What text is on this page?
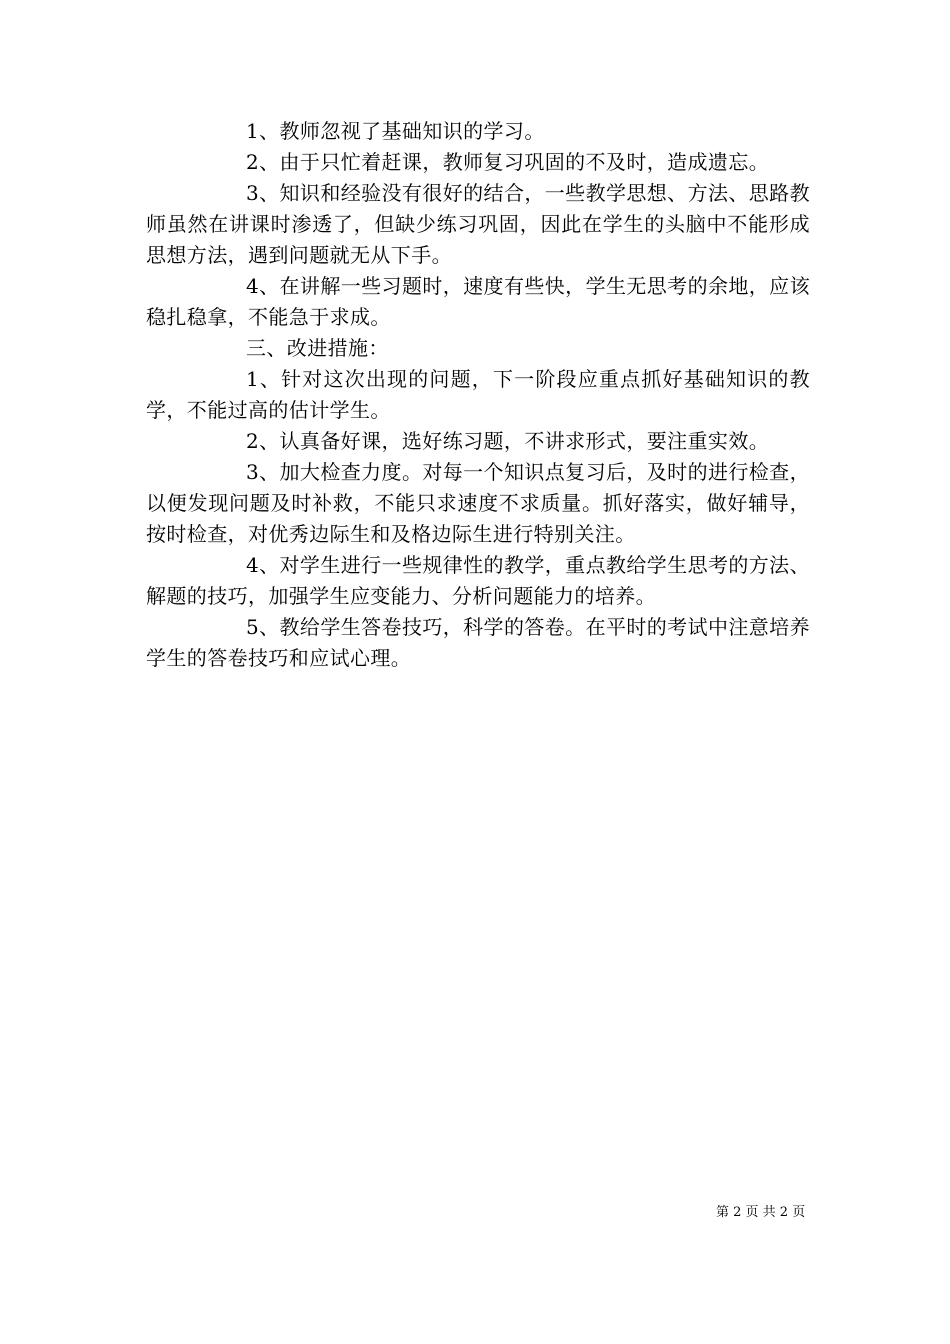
1、教师忽视了基础知识的学习。

2、由于只忙着赶课，教师复习巩固的不及时，造成遗忘。

3、知识和经验没有很好的结合，一些教学思想、方法、思路教师虽然在讲课时渗透了，但缺少练习巩固，因此在学生的头脑中不能形成思想方法，遇到问题就无从下手。

4、在讲解一些习题时，速度有些快，学生无思考的余地，应该稳扎稳拿，不能急于求成。

三、改进措施：

1、针对这次出现的问题，下一阶段应重点抓好基础知识的教学，不能过高的估计学生。

2、认真备好课，选好练习题，不讲求形式，要注重实效。

3、加大检查力度。对每一个知识点复习后，及时的进行检查，以便发现问题及时补救，不能只求速度不求质量。抓好落实，做好辅导，按时检查，对优秀边际生和及格边际生进行特别关注。

4、对学生进行一些规律性的教学，重点教给学生思考的方法、解题的技巧，加强学生应变能力、分析问题能力的培养。

5、教给学生答卷技巧，科学的答卷。在平时的考试中注意培养学生的答卷技巧和应试心理。

第 2 页 共 2 页
